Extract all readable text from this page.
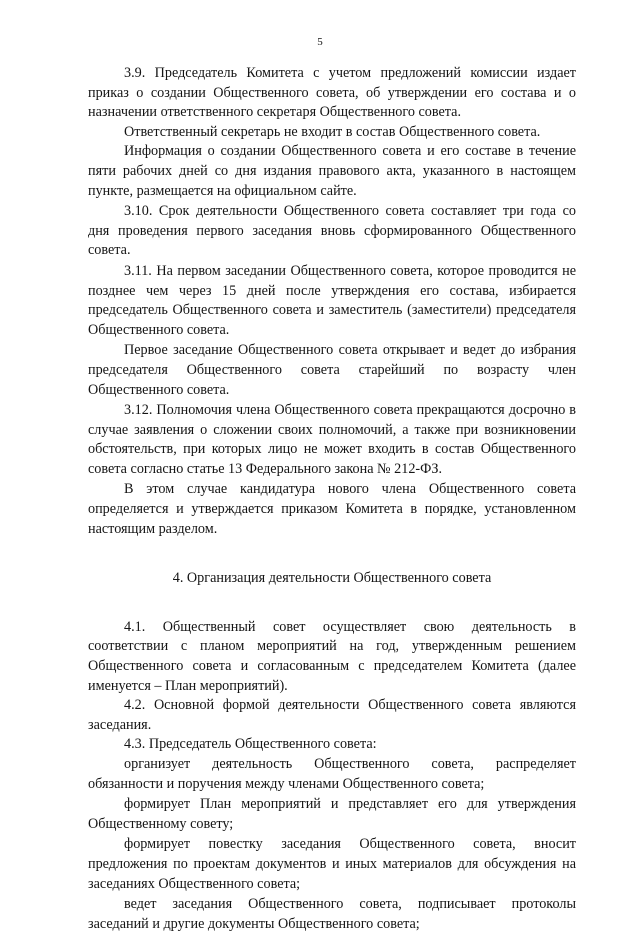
5

3.9. Председатель Комитета с учетом предложений комиссии издает приказ о создании Общественного совета, об утверждении его состава и о назначении ответственного секретаря Общественного совета.

Ответственный секретарь не входит в состав Общественного совета.

Информация о создании Общественного совета и его составе в течение пяти рабочих дней со дня издания правового акта, указанного в настоящем пункте, размещается на официальном сайте.

3.10. Срок деятельности Общественного совета составляет три года со дня проведения первого заседания вновь сформированного Общественного совета.

3.11. На первом заседании Общественного совета, которое проводится не позднее чем через 15 дней после утверждения его состава, избирается председатель Общественного совета и заместитель (заместители) председателя Общественного совета.

Первое заседание Общественного совета открывает и ведет до избрания председателя Общественного совета старейший по возрасту член Общественного совета.

3.12. Полномочия члена Общественного совета прекращаются досрочно в случае заявления о сложении своих полномочий, а также при возникновении обстоятельств, при которых лицо не может входить в состав Общественного совета согласно статье 13 Федерального закона № 212-ФЗ.

В этом случае кандидатура нового члена Общественного совета определяется и утверждается приказом Комитета в порядке, установленном настоящим разделом.

4. Организация деятельности Общественного совета

4.1. Общественный совет осуществляет свою деятельность в соответствии с планом мероприятий на год, утвержденным решением Общественного совета и согласованным с председателем Комитета (далее именуется – План мероприятий).

4.2. Основной формой деятельности Общественного совета являются заседания.

4.3. Председатель Общественного совета:

организует деятельность Общественного совета, распределяет обязанности и поручения между членами Общественного совета;

формирует План мероприятий и представляет его для утверждения Общественному совету;

формирует повестку заседания Общественного совета, вносит предложения по проектам документов и иных материалов для обсуждения на заседаниях Общественного совета;

ведет заседания Общественного совета, подписывает протоколы заседаний и другие документы Общественного совета;
